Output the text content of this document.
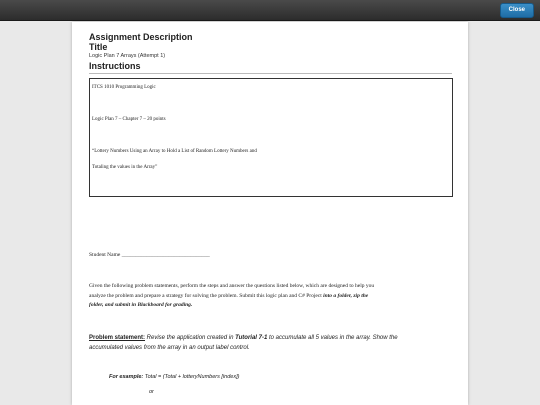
Close
Assignment Description
Title
Logic Plan 7 Arrays (Attempt 1)
Instructions
ITCS 1010 Programming Logic
Logic Plan 7 – Chapter 7 – 20 points
“Lottery Numbers Using an Array to Hold a List of Random Lottery Numbers and
Totaling the values in the Array”
Student Name ________________________________
Given the following problem statements, perform the steps and answer the questions listed below, which are designed to help you
analyze the problem and prepare a strategy for solving the problem. Submit this logic plan and C# Project into a folder, zip the
folder, and submit in Blackboard for grading.
Problem statement: Revise the application created in Tutorial 7-1 to accumulate all 5 values in the array. Show the
accumulated values from the array in an output label control.
For example: Total = (Total + lotteryNumbers [index])
or
